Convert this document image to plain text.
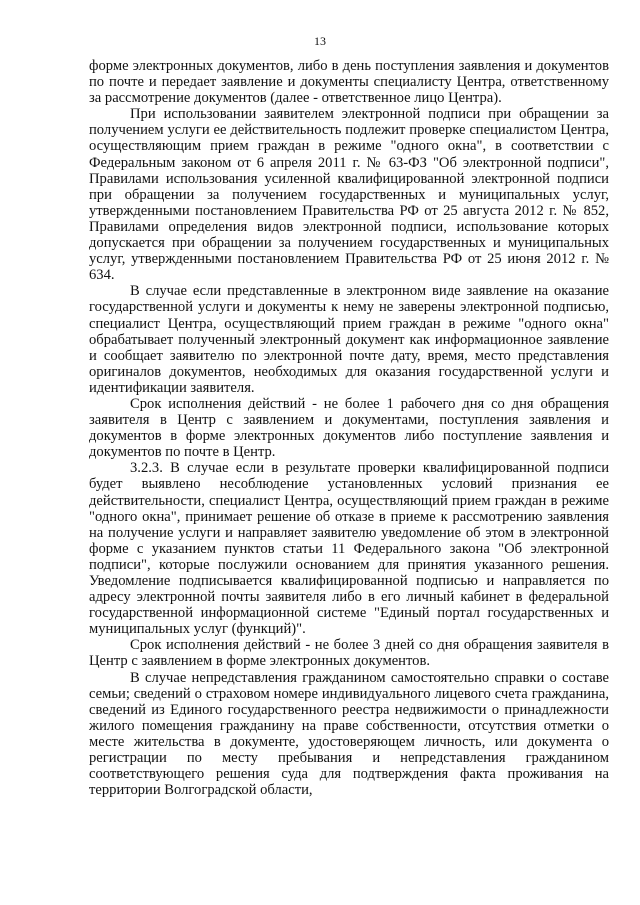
13

форме электронных документов, либо в день поступления заявления и документов по почте и передает заявление и документы специалисту Центра, ответственному за рассмотрение документов (далее - ответственное лицо Центра).

При использовании заявителем электронной подписи при обращении за получением услуги ее действительность подлежит проверке специалистом Центра, осуществляющим прием граждан в режиме "одного окна", в соответствии с Федеральным законом от 6 апреля 2011 г. № 63-ФЗ "Об электронной подписи", Правилами использования усиленной квалифицированной электронной подписи при обращении за получением государственных и муниципальных услуг, утвержденными постановлением Правительства РФ от 25 августа 2012 г. № 852, Правилами определения видов электронной подписи, использование которых допускается при обращении за получением государственных и муниципальных услуг, утвержденными постановлением Правительства РФ от 25 июня 2012 г. № 634.

В случае если представленные в электронном виде заявление на оказание государственной услуги и документы к нему не заверены электронной подписью, специалист Центра, осуществляющий прием граждан в режиме "одного окна" обрабатывает полученный электронный документ как информационное заявление и сообщает заявителю по электронной почте дату, время, место представления оригиналов документов, необходимых для оказания государственной услуги и идентификации заявителя.

Срок исполнения действий - не более 1 рабочего дня со дня обращения заявителя в Центр с заявлением и документами, поступления заявления и документов в форме электронных документов либо поступление заявления и документов по почте в Центр.

3.2.3. В случае если в результате проверки квалифицированной подписи будет выявлено несоблюдение установленных условий признания ее действительности, специалист Центра, осуществляющий прием граждан в режиме "одного окна", принимает решение об отказе в приеме к рассмотрению заявления на получение услуги и направляет заявителю уведомление об этом в электронной форме с указанием пунктов статьи 11 Федерального закона "Об электронной подписи", которые послужили основанием для принятия указанного решения. Уведомление подписывается квалифицированной подписью и направляется по адресу электронной почты заявителя либо в его личный кабинет в федеральной государственной информационной системе "Единый портал государственных и муниципальных услуг (функций)".

Срок исполнения действий - не более 3 дней со дня обращения заявителя в Центр с заявлением в форме электронных документов.

В случае непредставления гражданином самостоятельно справки о составе семьи; сведений о страховом номере индивидуального лицевого счета гражданина, сведений из Единого государственного реестра недвижимости о принадлежности жилого помещения гражданину на праве собственности, отсутствия отметки о месте жительства в документе, удостоверяющем личность, или документа о регистрации по месту пребывания и непредставления гражданином соответствующего решения суда для подтверждения факта проживания на территории Волгоградской области,
